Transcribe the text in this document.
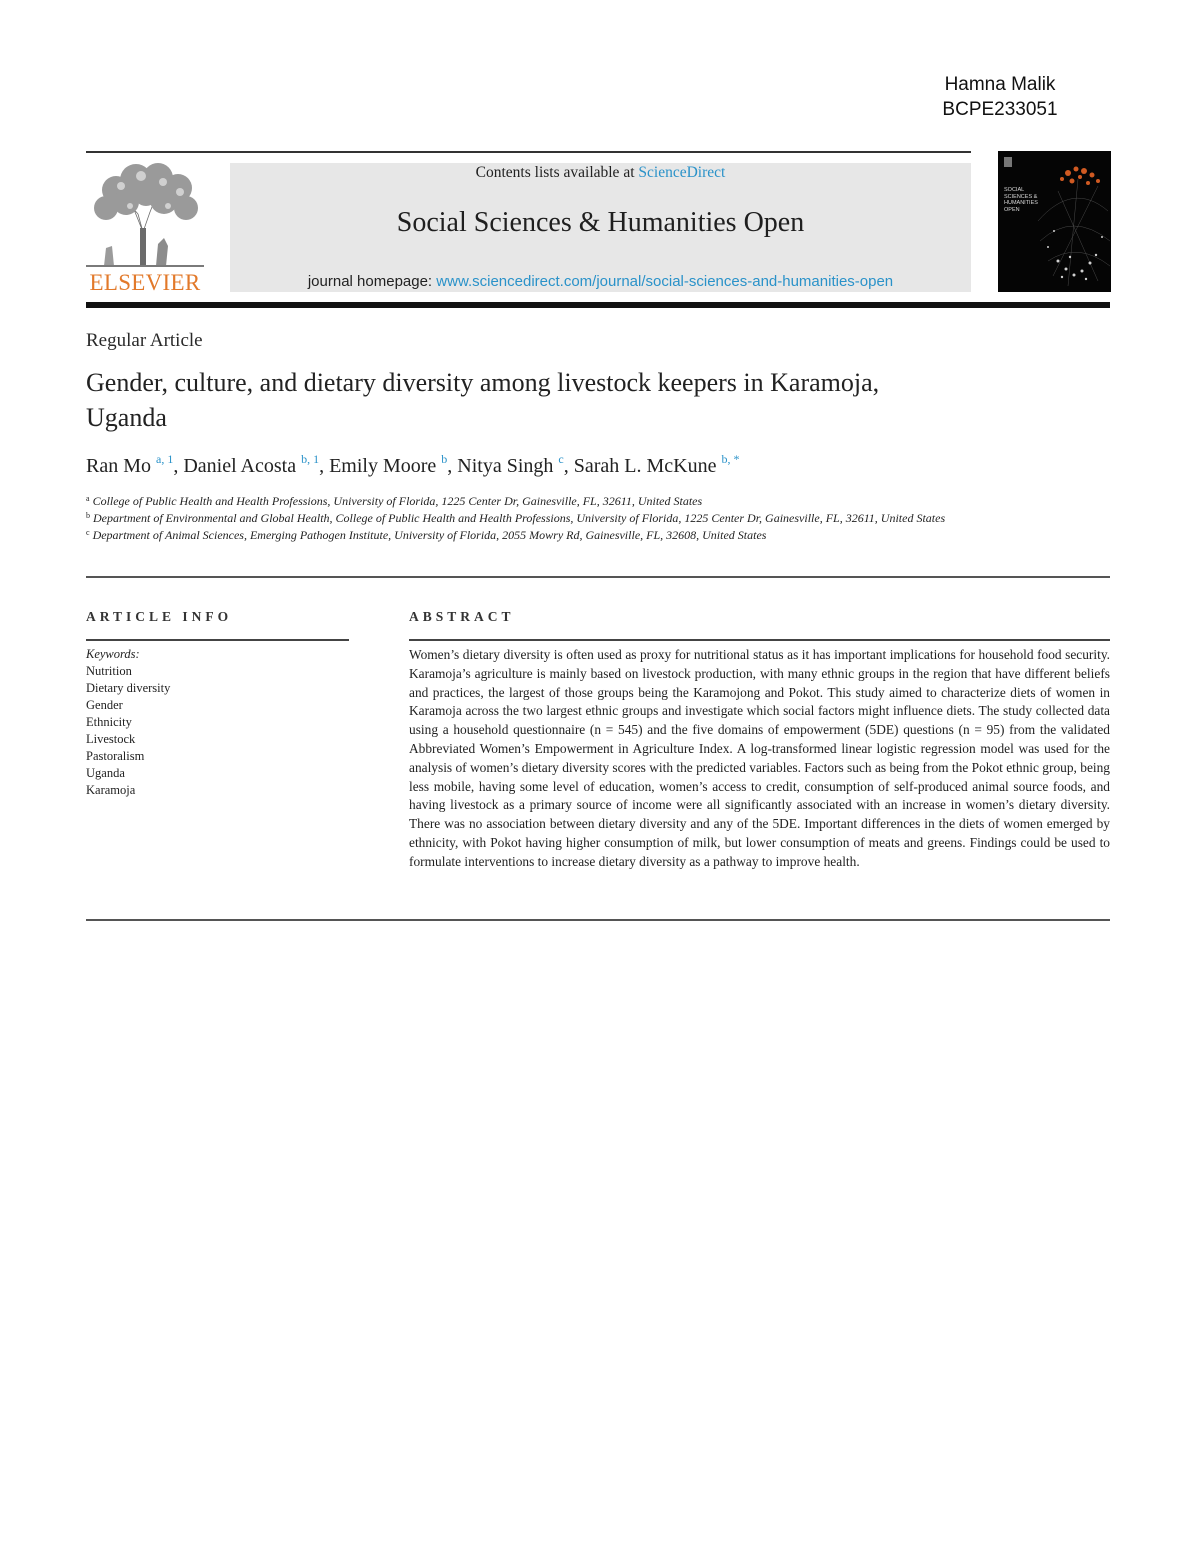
Hamna Malik
BCPE233051
ELSEVIER
Contents lists available at ScienceDirect
Social Sciences & Humanities Open
journal homepage: www.sciencedirect.com/journal/social-sciences-and-humanities-open
SOCIAL SCIENCES & HUMANITIES OPEN
Regular Article
Gender, culture, and dietary diversity among livestock keepers in Karamoja, Uganda
Ran Mo $^{a, 1}$, Daniel Acosta $^{b, 1}$, Emily Moore $^b$, Nitya Singh $^c$, Sarah L. McKune $^{b, *}$

$^a$ College of Public Health and Health Professions, University of Florida, 1225 Center Dr, Gainesville, FL, 32611, United States

$^b$ Department of Environmental and Global Health, College of Public Health and Health Professions, University of Florida, 1225 Center Dr, Gainesville, FL, 32611, United States

$^c$ Department of Animal Sciences, Emerging Pathogen Institute, University of Florida, 2055 Mowry Rd, Gainesville, FL, 32608, United States

ARTICLE INFO
Keywords:
Nutrition
Dietary diversity
Gender
Ethnicity
Livestock
Pastoralism
Uganda
Karamoja
ABSTRACT

Women’s dietary diversity is often used as proxy for nutritional status as it has important implications for household food security. Karamoja’s agriculture is mainly based on livestock production, with many ethnic groups in the region that have different beliefs and practices, the largest of those groups being the Karamojong and Pokot. This study aimed to characterize diets of women in Karamoja across the two largest ethnic groups and investigate which social factors might influence diets. The study collected data using a household questionnaire (n = 545) and the five domains of empowerment (5DE) questions (n = 95) from the validated Abbreviated Women’s Empowerment in Agriculture Index. A log-transformed linear logistic regression model was used for the analysis of women’s dietary diversity scores with the predicted variables. Factors such as being from the Pokot ethnic group, being less mobile, having some level of education, women’s access to credit, consumption of self-produced animal source foods, and having livestock as a primary source of income were all significantly associated with an increase in women’s dietary diversity. There was no association between dietary diversity and any of the 5DE. Important differences in the diets of women emerged by ethnicity, with Pokot having higher consumption of milk, but lower consumption of meats and greens. Findings could be used to formulate interventions to increase dietary diversity as a pathway to improve health.
